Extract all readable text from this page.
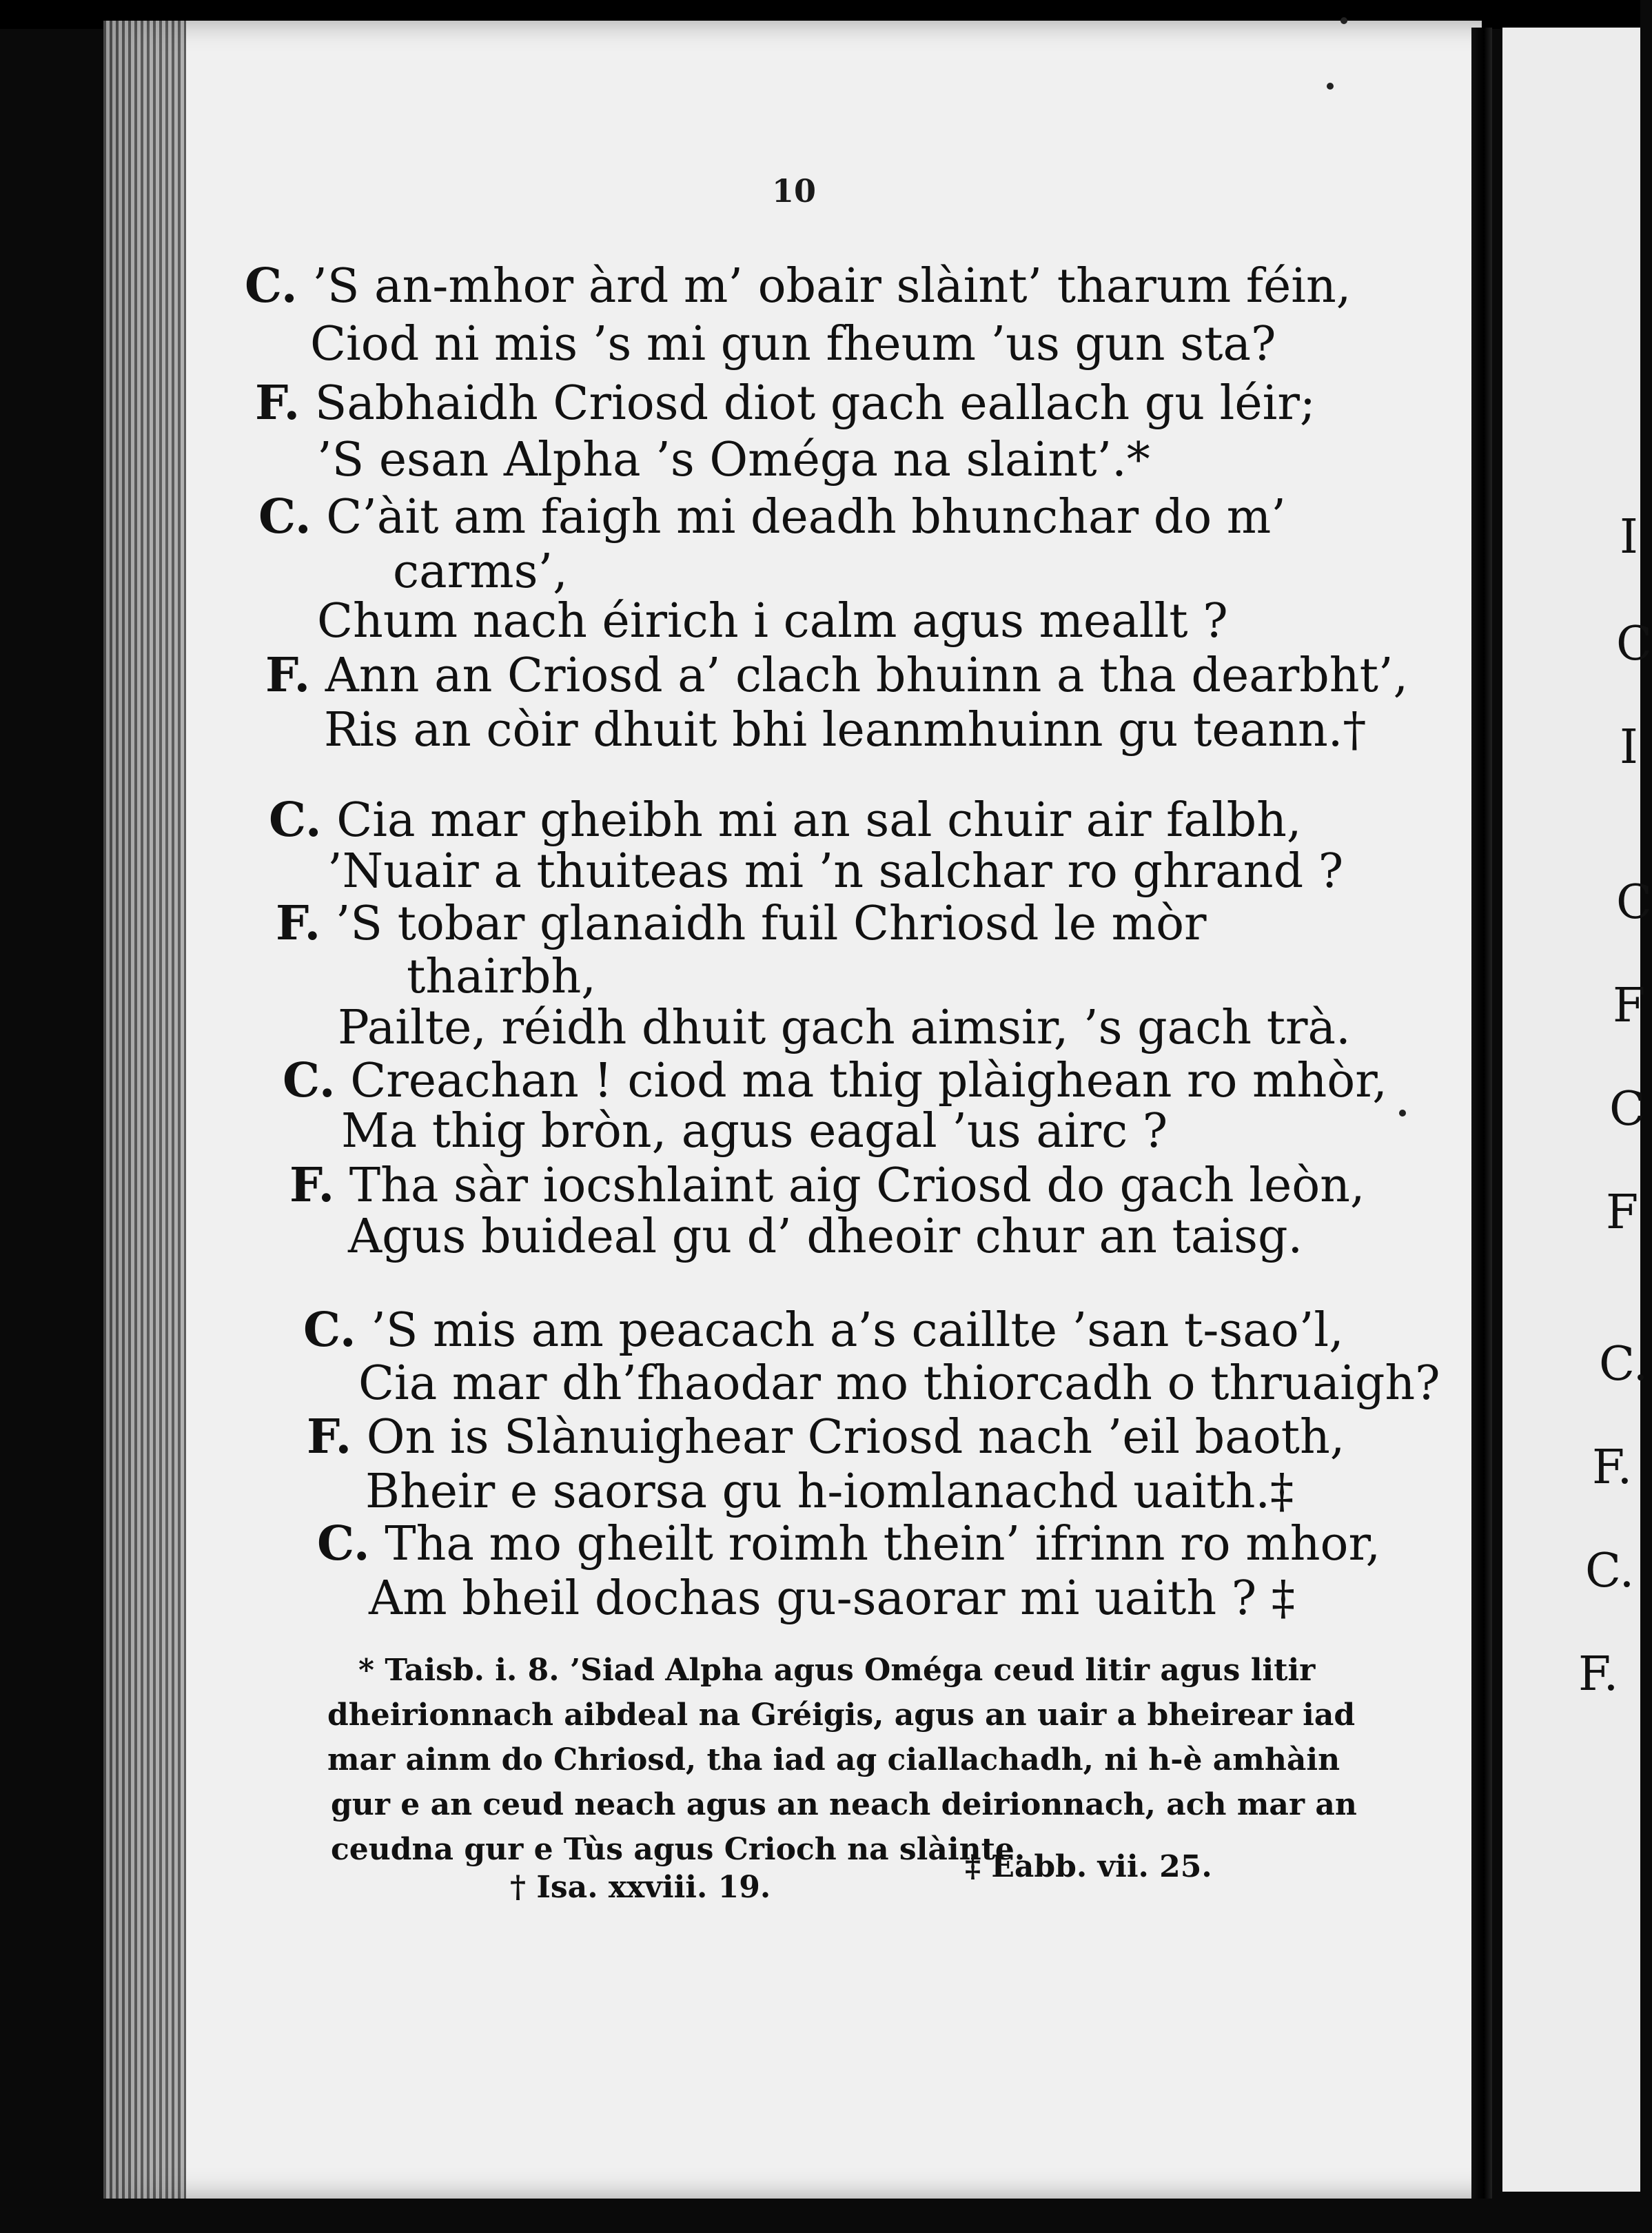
10
C. ’S an-mhor àrd m’ obair slàint’ tharum féin,
Ciod ni mis ’s mi gun fheum ’us gun sta?
F. Sabhaidh Criosd diot gach eallach gu léir;
’S esan Alpha ’s Oméga na slaint’.*
C. C’àit am faigh mi deadh bhunchar do m’
carms’,
Chum nach éirich i calm agus meallt ?
F. Ann an Criosd a’ clach bhuinn a tha dearbht’,
Ris an còir dhuit bhi leanmhuinn gu teann.†
C. Cia mar gheibh mi an sal chuir air falbh,
’Nuair a thuiteas mi ’n salchar ro ghrand ?
F. ’S tobar glanaidh fuil Chriosd le mòr
thairbh,
Pailte, réidh dhuit gach aimsir, ’s gach trà.
C. Creachan ! ciod ma thig plàighean ro mhòr,
Ma thig bròn, agus eagal ’us airc ?
F. Tha sàr iocshlaint aig Criosd do gach leòn,
Agus buideal gu d’ dheoir chur an taisg.
C. ’S mis am peacach a’s caillte ’san t-sao’l,
Cia mar dh’fhaodar mo thiorcadh o thruaigh?
F. On is Slànuighear Criosd nach ’eil baoth,
Bheir e saorsa gu h-iomlanachd uaith.‡
C. Tha mo gheilt roimh thein’ ifrinn ro mhor,
Am bheil dochas gu-saorar mi uaith ? ‡
* Taisb. i. 8. ’Siad Alpha agus Oméga ceud litir agus litir
dheirionnach aibdeal na Gréigis, agus an uair a bheirear iad
mar ainm do Chriosd, tha iad ag ciallachadh, ni h-è amhàin
gur e an ceud neach agus an neach deirionnach, ach mar an
ceudna gur e Tùs agus Crioch na slàinte.
† Isa. xxviii. 19.
‡ Eabb. vii. 25.
I
C
I
C
F
C
F
C.
F.
C.
F.
